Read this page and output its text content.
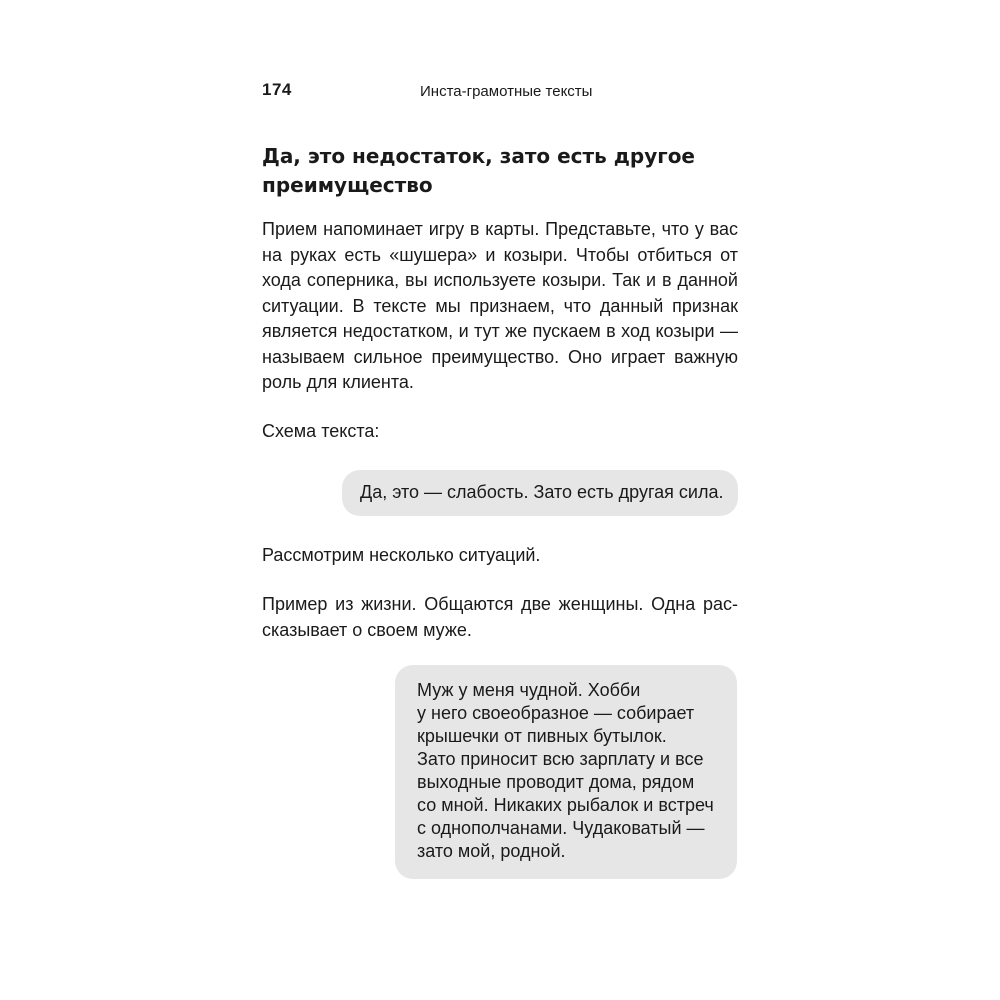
174	Инста-грамотные тексты
Да, это недостаток, зато есть другое
преимущество

Прием напоминает игру в карты. Представьте, что у вас на руках есть «шушера» и козыри. Чтобы отбиться от хода соперника, вы используете козыри. Так и в данной ситуации. В тексте мы признаем, что данный признак является недостатком, и тут же пускаем в ход козыри — называем сильное преимущество. Оно играет важную роль для клиента.

Схема текста:

Да, это — слабость. Зато есть другая сила.

Рассмотрим несколько ситуаций.

Пример из жизни. Общаются две женщины. Одна рас-сказывает о своем муже.

Муж у меня чудной. Хобби
у него своеобразное — собирает
крышечки от пивных бутылок.
Зато приносит всю зарплату и все
выходные проводит дома, рядом
со мной. Никаких рыбалок и встреч
с однополчанами. Чудаковатый —
зато мой, родной.
